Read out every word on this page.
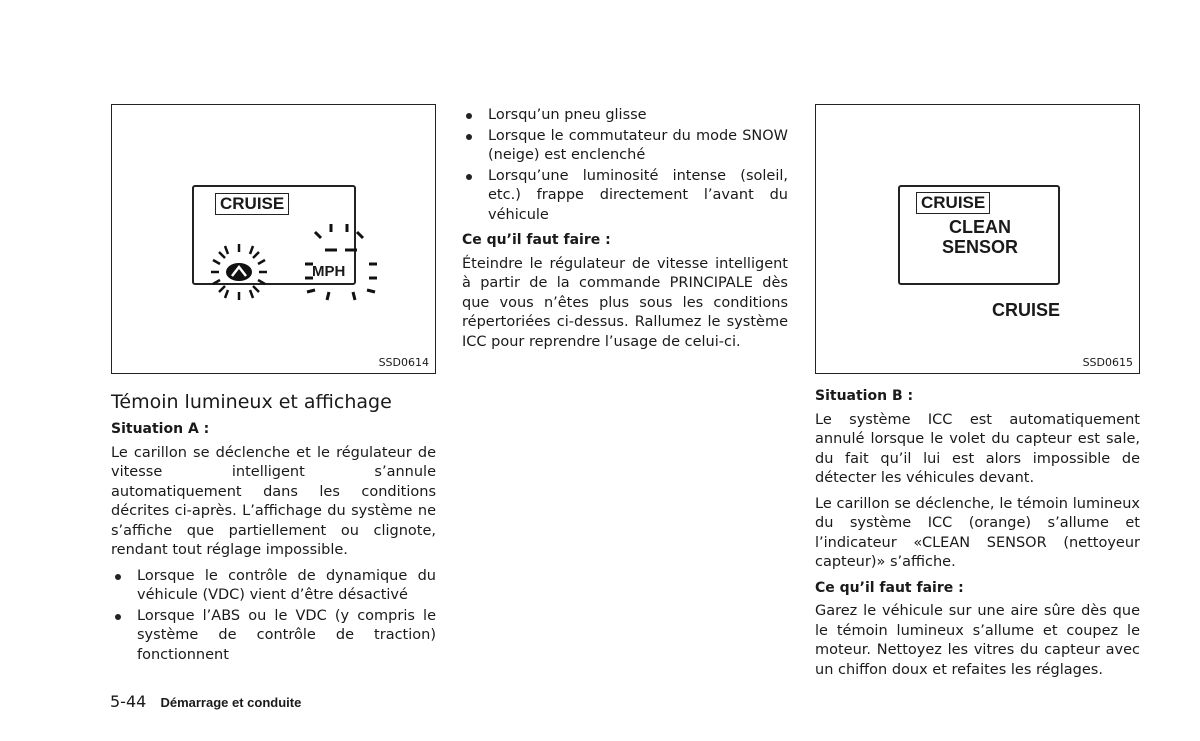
CRUISE
MPH
SSD0614
CRUISE
CLEAN
SENSOR
CRUISE
SSD0615
Témoin lumineux et affichage
Situation A :

Le carillon se déclenche et le régulateur de vitesse intelligent s’annule automatiquement dans les conditions décrites ci-après. L’affichage du système ne s’affiche que partiellement ou clignote, rendant tout réglage impossible.

Lorsque le contrôle de dynamique du véhicule (VDC) vient d’être désactivé
Lorsque l’ABS ou le VDC (y compris le système de contrôle de traction) fonctionnent
Lorsqu’un pneu glisse
Lorsque le commutateur du mode SNOW (neige) est enclenché
Lorsqu’une luminosité intense (soleil, etc.) frappe directement l’avant du véhicule
Ce qu’il faut faire :

Éteindre le régulateur de vitesse intelligent à partir de la commande PRINCIPALE dès que vous n’êtes plus sous les conditions répertoriées ci-dessus. Rallumez le système ICC pour reprendre l’usage de celui-ci.

Situation B :

Le système ICC est automatiquement annulé lorsque le volet du capteur est sale, du fait qu’il lui est alors impossible de détecter les véhicules devant.

Le carillon se déclenche, le témoin lumineux du système ICC (orange) s’allume et l’indicateur «CLEAN SENSOR (nettoyeur capteur)» s’affiche.

Ce qu’il faut faire :

Garez le véhicule sur une aire sûre dès que le témoin lumineux s’allume et coupez le moteur. Nettoyez les vitres du capteur avec un chiffon doux et refaites les réglages.

5-44 Démarrage et conduite
